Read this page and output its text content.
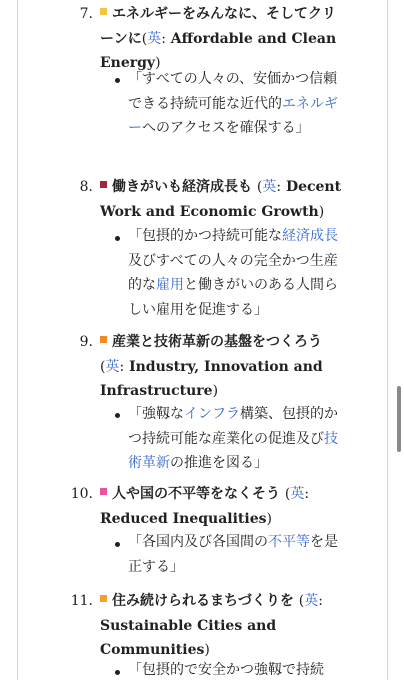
7.	エネルギーをみんなに、そしてクリーンに(英: Affordable and Clean Energy)
「すべての人々の、安価かつ信頼できる持続可能な近代的エネルギーへのアクセスを確保する」
8.	働きがいも経済成長も (英: Decent Work and Economic Growth)
「包摂的かつ持続可能な経済成長及びすべての人々の完全かつ生産的な雇用と働きがいのある人間らしい雇用を促進する」
9.	産業と技術革新の基盤をつくろう (英: Industry, Innovation and Infrastructure)
「強靱なインフラ構築、包摂的かつ持続可能な産業化の促進及び技術革新の推進を図る」
10.	人や国の不平等をなくそう (英:
Reduced Inequalities)
「各国内及び各国間の不平等を是正する」
11.	住み続けられるまちづくりを (英:
Sustainable Cities and Communities)
「包摂的で安全かつ強靱で持続
